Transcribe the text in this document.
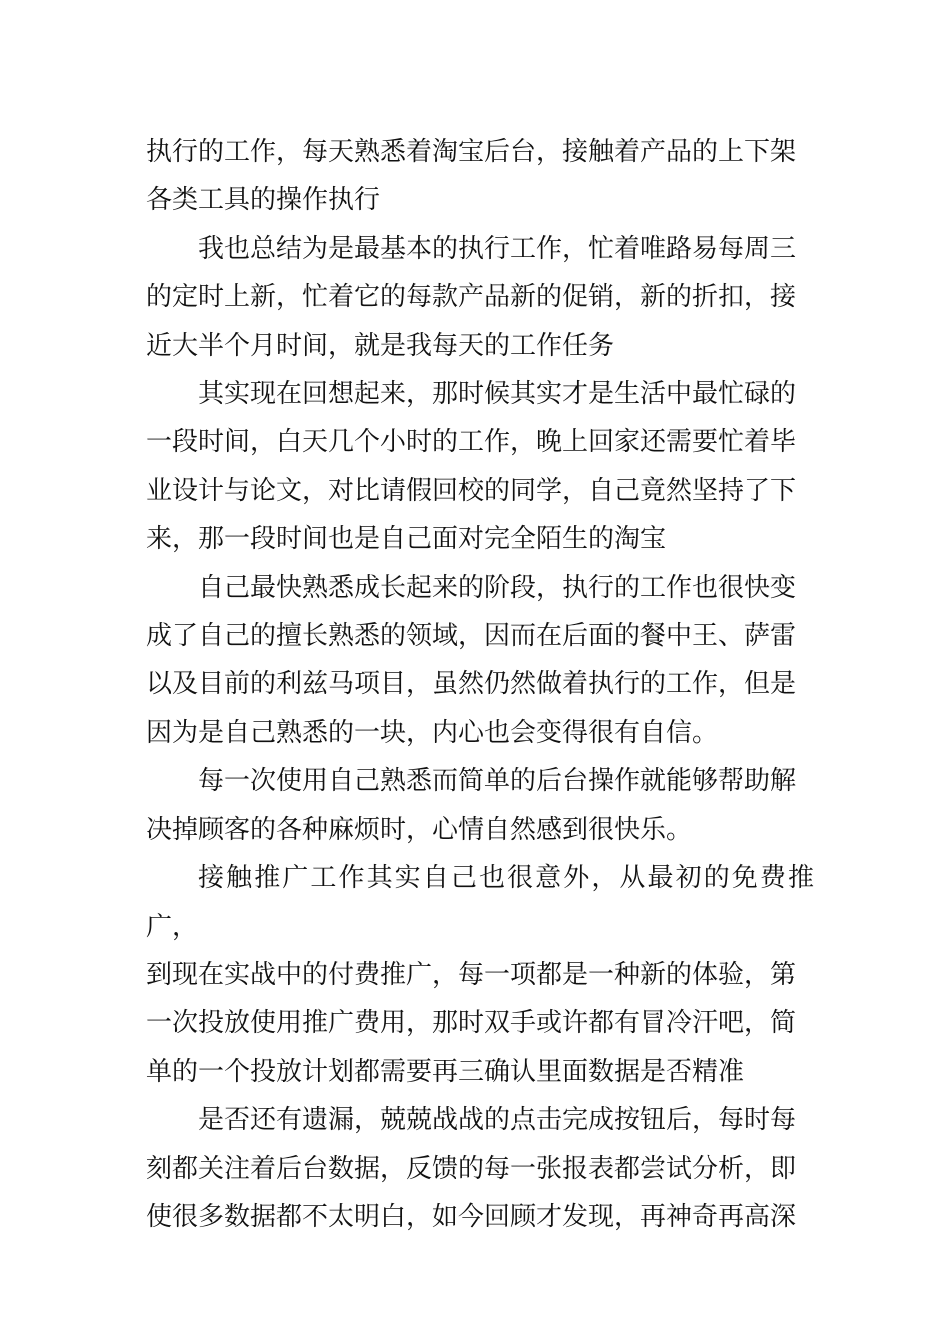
执行的工作，每天熟悉着淘宝后台，接触着产品的上下架
各类工具的操作执行

我也总结为是最基本的执行工作，忙着唯路易每周三
的定时上新，忙着它的每款产品新的促销，新的折扣，接
近大半个月时间，就是我每天的工作任务

其实现在回想起来，那时候其实才是生活中最忙碌的
一段时间，白天几个小时的工作，晚上回家还需要忙着毕
业设计与论文，对比请假回校的同学，自己竟然坚持了下
来，那一段时间也是自己面对完全陌生的淘宝

自己最快熟悉成长起来的阶段，执行的工作也很快变
成了自己的擅长熟悉的领域，因而在后面的餐中王、萨雷
以及目前的利兹马项目，虽然仍然做着执行的工作，但是
因为是自己熟悉的一块，内心也会变得很有自信。

每一次使用自己熟悉而简单的后台操作就能够帮助解
决掉顾客的各种麻烦时，心情自然感到很快乐。

接触推广工作其实自己也很意外，从最初的免费推广，
到现在实战中的付费推广，每一项都是一种新的体验，第
一次投放使用推广费用，那时双手或许都有冒冷汗吧，简
单的一个投放计划都需要再三确认里面数据是否精准

是否还有遗漏，兢兢战战的点击完成按钮后，每时每
刻都关注着后台数据，反馈的每一张报表都尝试分析，即
使很多数据都不太明白，如今回顾才发现，再神奇再高深
